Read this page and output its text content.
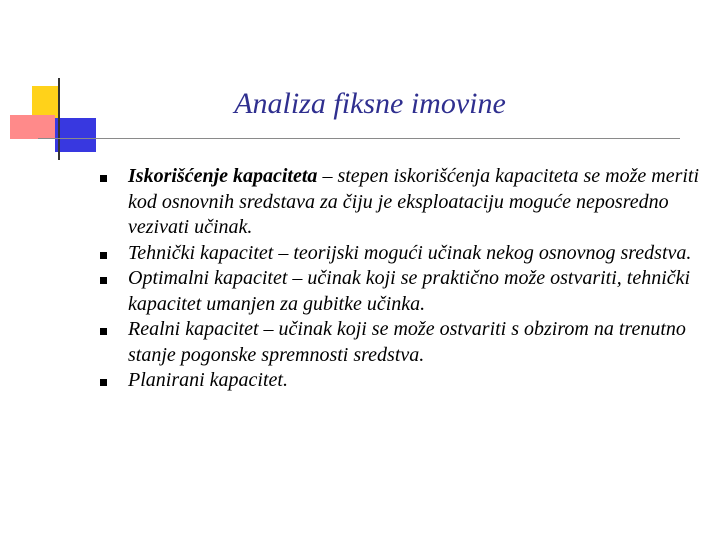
Analiza fiksne imovine
Iskorišćenje kapaciteta – stepen iskorišćenja kapaciteta se može meriti kod osnovnih sredstava za čiju je eksploataciju moguće neposredno vezivati učinak.
Tehnički kapacitet – teorijski mogući učinak nekog osnovnog sredstva.
Optimalni kapacitet – učinak koji se praktično može ostvariti, tehnički kapacitet umanjen za gubitke učinka.
Realni kapacitet – učinak koji se može ostvariti s obzirom na trenutno stanje pogonske spremnosti sredstva.
Planirani kapacitet.
